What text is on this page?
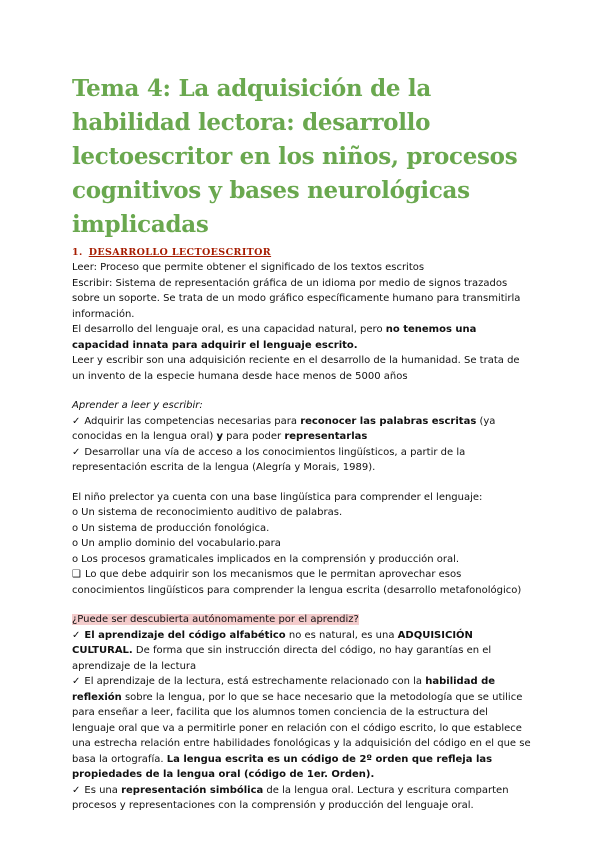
Tema 4: La adquisición de la habilidad lectora: desarrollo lectoescritor en los niños, procesos cognitivos y bases neurológicas implicadas
1. DESARROLLO LECTOESCRITOR

Leer: Proceso que permite obtener el significado de los textos escritos

Escribir: Sistema de representación gráfica de un idioma por medio de signos trazados sobre un soporte. Se trata de un modo gráfico específicamente humano para transmitirla información.

El desarrollo del lenguaje oral, es una capacidad natural, pero no tenemos una capacidad innata para adquirir el lenguaje escrito.

Leer y escribir son una adquisición reciente en el desarrollo de la humanidad. Se trata de un invento de la especie humana desde hace menos de 5000 años

Aprender a leer y escribir:

✓ Adquirir las competencias necesarias para reconocer las palabras escritas (ya conocidas en la lengua oral) y para poder representarlas

✓ Desarrollar una vía de acceso a los conocimientos lingüísticos, a partir de la representación escrita de la lengua (Alegría y Morais, 1989).

El niño prelector ya cuenta con una base lingüística para comprender el lenguaje:

o Un sistema de reconocimiento auditivo de palabras.

o Un sistema de producción fonológica.

o Un amplio dominio del vocabulario.para

o Los procesos gramaticales implicados en la comprensión y producción oral.

❑ Lo que debe adquirir son los mecanismos que le permitan aprovechar esos conocimientos lingüísticos para comprender la lengua escrita (desarrollo metafonológico)

¿Puede ser descubierta autónomamente por el aprendiz?

✓ El aprendizaje del código alfabético no es natural, es una ADQUISICIÓN CULTURAL. De forma que sin instrucción directa del código, no hay garantías en el aprendizaje de la lectura

✓ El aprendizaje de la lectura, está estrechamente relacionado con la habilidad de reflexión sobre la lengua, por lo que se hace necesario que la metodología que se utilice para enseñar a leer, facilita que los alumnos tomen conciencia de la estructura del lenguaje oral que va a permitirle poner en relación con el código escrito, lo que establece una estrecha relación entre habilidades fonológicas y la adquisición del código en el que se basa la ortografía. La lengua escrita es un código de 2º orden que refleja las propiedades de la lengua oral (código de 1er. Orden).

✓ Es una representación simbólica de la lengua oral. Lectura y escritura comparten procesos y representaciones con la comprensión y producción del lenguaje oral.
